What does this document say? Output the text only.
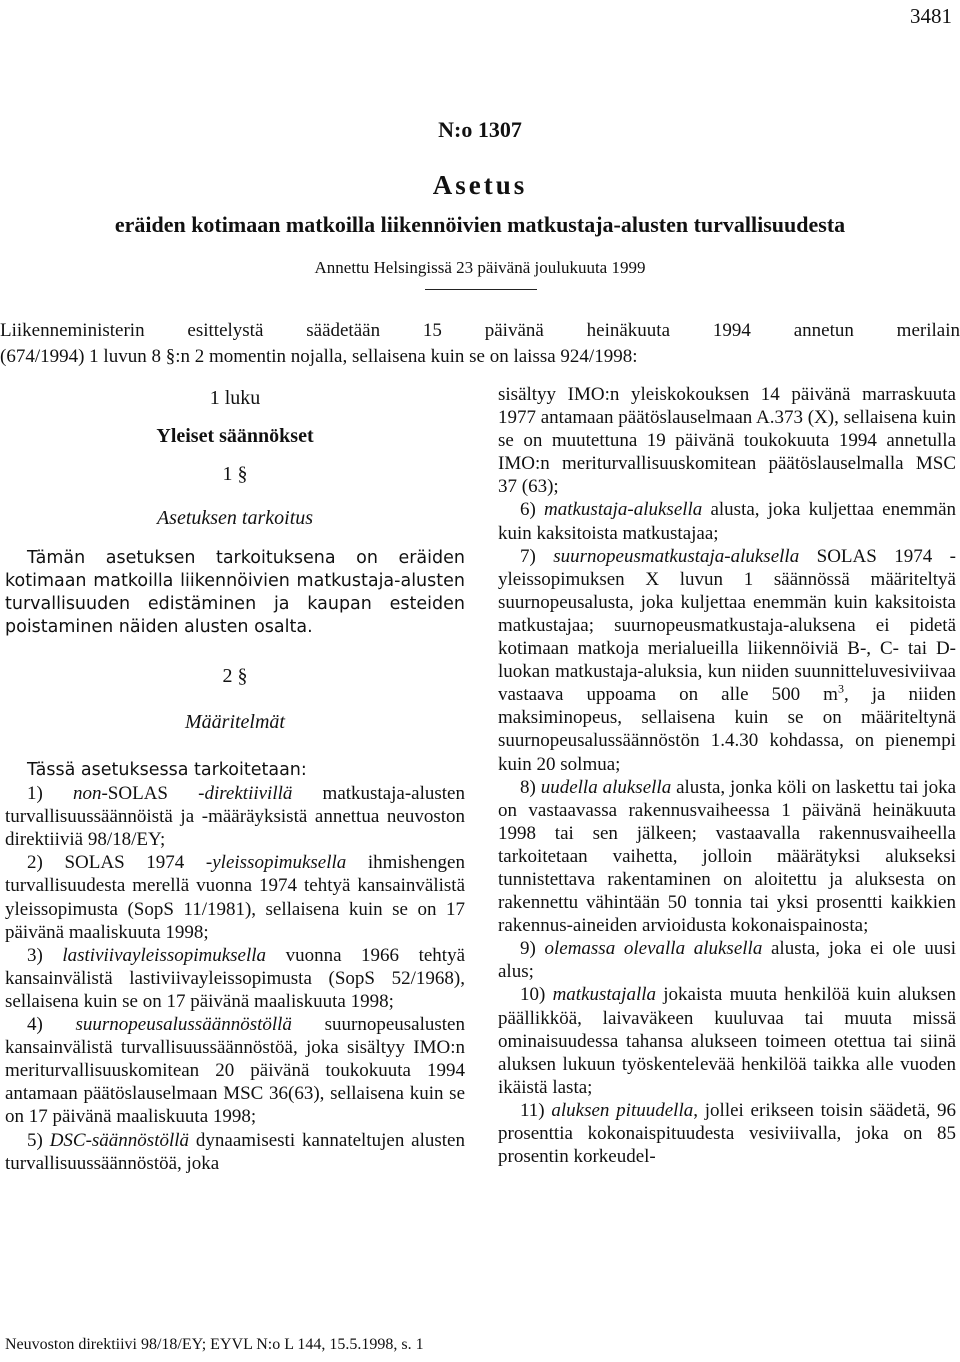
3481
N:o 1307
Asetus
eräiden kotimaan matkoilla liikennöivien matkustaja-alusten turvallisuudesta
Annettu Helsingissä 23 päivänä joulukuuta 1999

Liikenneministerin esittelystä säädetään 15 päivänä heinäkuuta 1994 annetun merilain

(674/1994) 1 luvun 8 §:n 2 momentin nojalla, sellaisena kuin se on laissa 924/1998:

1 luku

Yleiset säännökset

1 §

Asetuksen tarkoitus

Tämän asetuksen tarkoituksena on eräiden kotimaan matkoilla liikennöivien matkustaja-alusten turvallisuuden edistäminen ja kaupan esteiden poistaminen näiden alusten osalta.

2 §

Määritelmät

Tässä asetuksessa tarkoitetaan:

1) non-SOLAS -direktiivillä matkustaja-alusten turvallisuussäännöistä ja -määräyksistä annettua neuvoston direktiiviä 98/18/EY;

2) SOLAS 1974 -yleissopimuksella ihmishengen turvallisuudesta merellä vuonna 1974 tehtyä kansainvälistä yleissopimusta (SopS 11/1981), sellaisena kuin se on 17 päivänä maaliskuuta 1998;

3) lastiviivayleissopimuksella vuonna 1966 tehtyä kansainvälistä lastiviivayleissopimusta (SopS 52/1968), sellaisena kuin se on 17 päivänä maaliskuuta 1998;

4) suurnopeusalussäännöstöllä suurnopeusalusten kansainvälistä turvallisuussäännöstöä, joka sisältyy IMO:n meriturvallisuuskomitean 20 päivänä toukokuuta 1994 antamaan päätöslauselmaan MSC 36(63), sellaisena kuin se on 17 päivänä maaliskuuta 1998;

5) DSC-säännöstöllä dynaamisesti kannateltujen alusten turvallisuussäännöstöä, joka

sisältyy IMO:n yleiskokouksen 14 päivänä marraskuuta 1977 antamaan päätöslauselmaan A.373 (X), sellaisena kuin se on muutettuna 19 päivänä toukokuuta 1994 annetulla IMO:n meriturvallisuuskomitean päätöslauselmalla MSC 37 (63);

6) matkustaja-aluksella alusta, joka kuljettaa enemmän kuin kaksitoista matkustajaa;

7) suurnopeusmatkustaja-aluksella SOLAS 1974 -yleissopimuksen X luvun 1 säännössä määriteltyä suurnopeusalusta, joka kuljettaa enemmän kuin kaksitoista matkustajaa; suurnopeusmatkustaja-aluksena ei pidetä kotimaan matkoja merialueilla liikennöiviä B-, C- tai D-luokan matkustaja-aluksia, kun niiden suunnitteluvesiviivaa vastaava uppoama on alle 500 $m^3$, ja niiden maksiminopeus, sellaisena kuin se on määriteltynä suurnopeusalussäännöstön 1.4.30 kohdassa, on pienempi kuin 20 solmua;

8) uudella aluksella alusta, jonka köli on laskettu tai joka on vastaavassa rakennusvaiheessa 1 päivänä heinäkuuta 1998 tai sen jälkeen; vastaavalla rakennusvaiheella tarkoitetaan vaihetta, jolloin määrätyksi alukseksi tunnistettava rakentaminen on aloitettu ja aluksesta on rakennettu vähintään 50 tonnia tai yksi prosentti kaikkien rakennus-aineiden arvioidusta kokonaispainosta;

9) olemassa olevalla aluksella alusta, joka ei ole uusi alus;

10) matkustajalla jokaista muuta henkilöä kuin aluksen päällikköä, laivaväkeen kuuluvaa tai muuta missä ominaisuudessa tahansa alukseen toimeen otettua tai siinä aluksen lukuun työskentelevää henkilöä taikka alle vuoden ikäistä lasta;

11) aluksen pituudella, jollei erikseen toisin säädetä, 96 prosenttia kokonaispituudesta vesiviivalla, joka on 85 prosentin korkeudel-

Neuvoston direktiivi 98/18/EY; EYVL N:o L 144, 15.5.1998, s. 1
